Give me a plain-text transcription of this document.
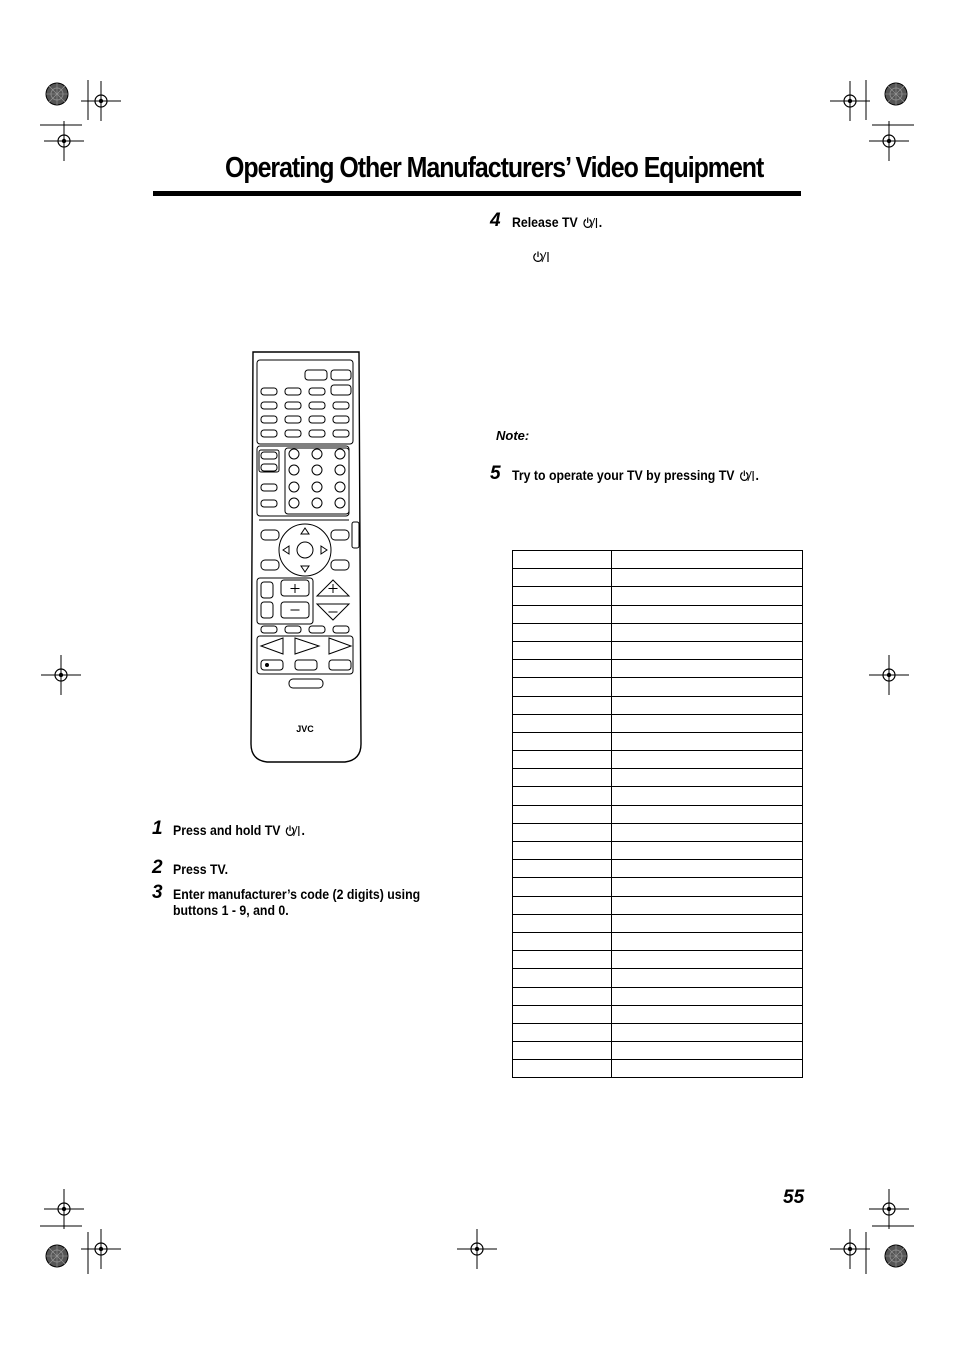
Operating Other Manufacturers’ Video Equipment
JVC
1 Press and hold TV .
2 Press TV.
3 Enter manufacturer’s code (2 digits) using
buttons 1 - 9, and 0.
4 Release TV .
Note:
5 Try to operate your TV by pressing TV .

55
